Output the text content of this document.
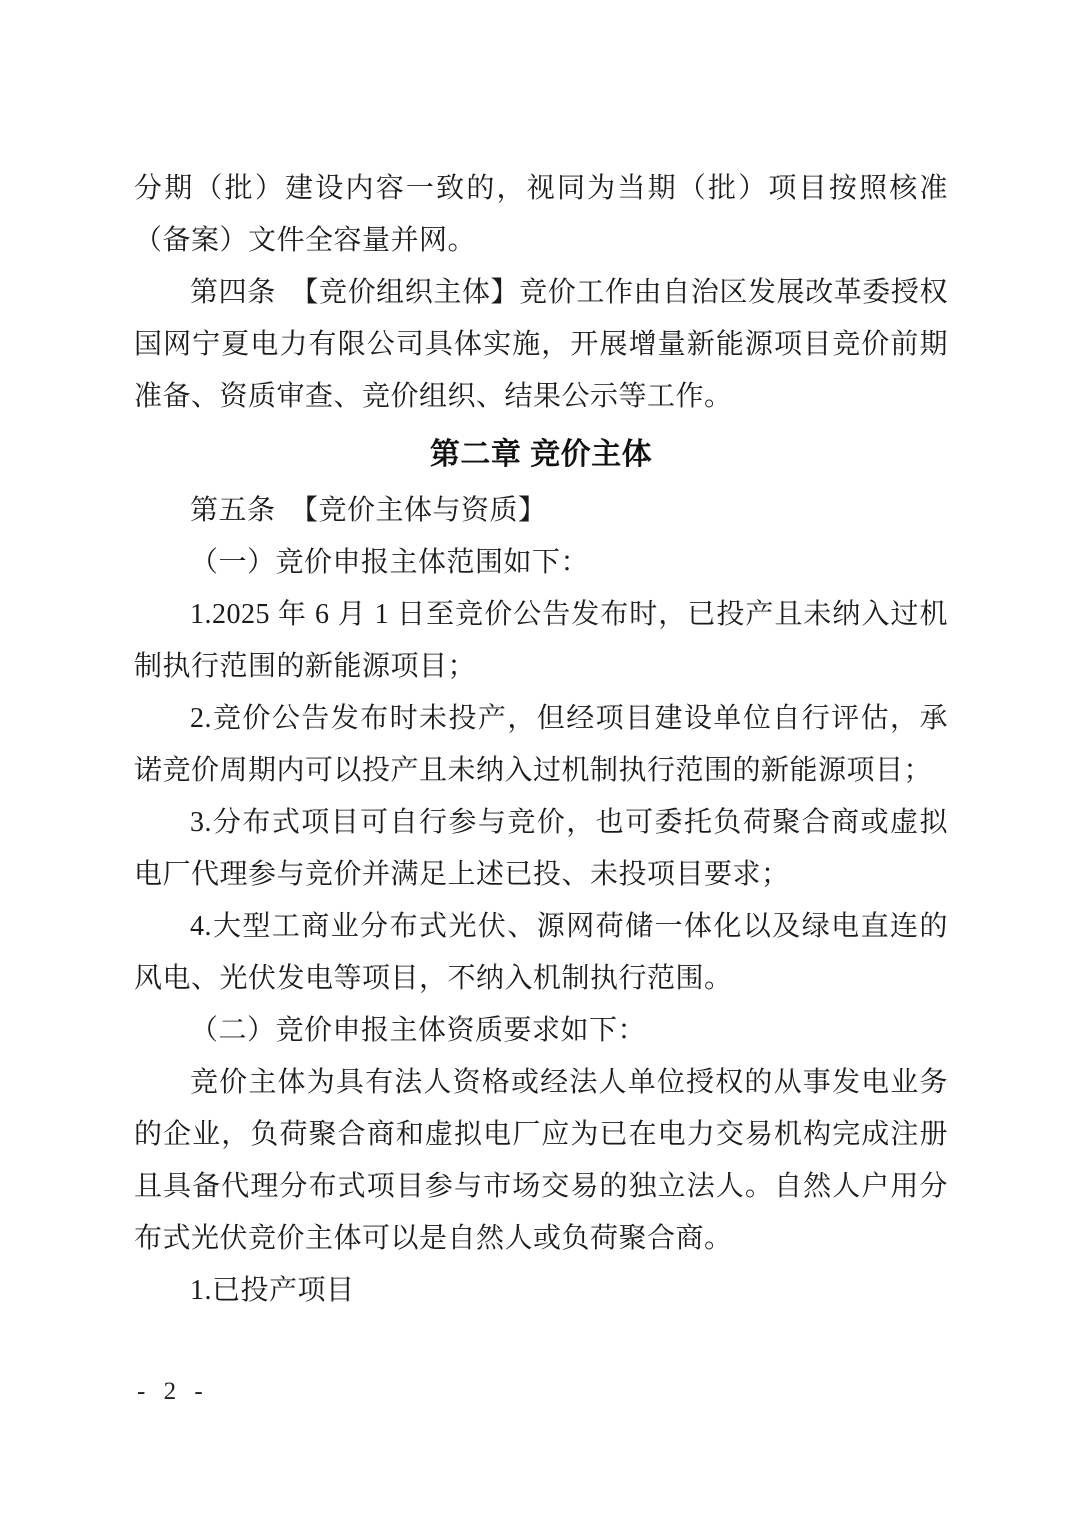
分期（批）建设内容一致的，视同为当期（批）项目按照核准（备案）文件全容量并网。

第四条　【竞价组织主体】竞价工作由自治区发展改革委授权国网宁夏电力有限公司具体实施，开展增量新能源项目竞价前期准备、资质审查、竞价组织、结果公示等工作。

第二章 竞价主体

第五条　【竞价主体与资质】

（一）竞价申报主体范围如下：

1.2025 年 6 月 1 日至竞价公告发布时，已投产且未纳入过机制执行范围的新能源项目；

2.竞价公告发布时未投产，但经项目建设单位自行评估，承诺竞价周期内可以投产且未纳入过机制执行范围的新能源项目；

3.分布式项目可自行参与竞价，也可委托负荷聚合商或虚拟电厂代理参与竞价并满足上述已投、未投项目要求；

4.大型工商业分布式光伏、源网荷储一体化以及绿电直连的风电、光伏发电等项目，不纳入机制执行范围。

（二）竞价申报主体资质要求如下：

竞价主体为具有法人资格或经法人单位授权的从事发电业务的企业，负荷聚合商和虚拟电厂应为已在电力交易机构完成注册且具备代理分布式项目参与市场交易的独立法人。自然人户用分布式光伏竞价主体可以是自然人或负荷聚合商。

1.已投产项目

- 2 -
